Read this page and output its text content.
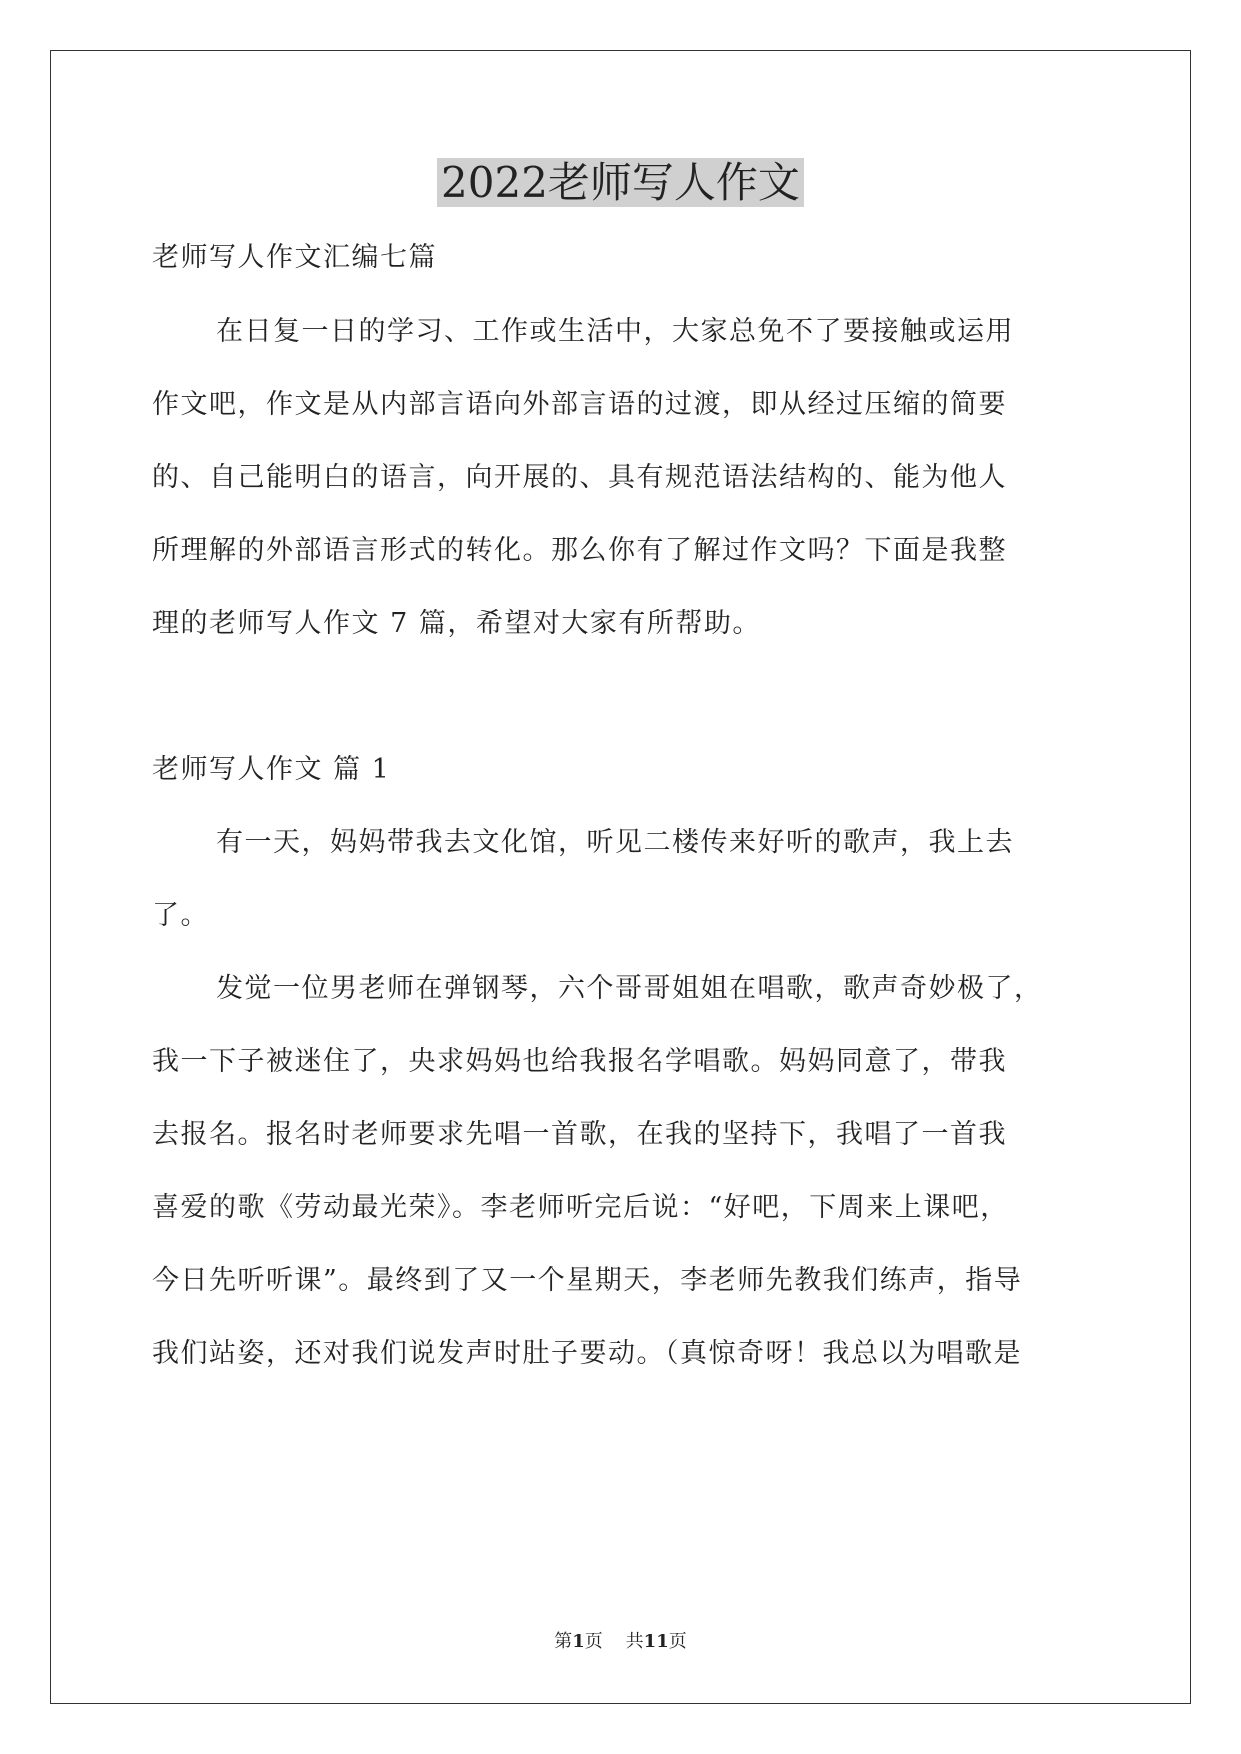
2022老师写人作文

老师写人作文汇编七篇

在日复一日的学习、工作或生活中，大家总免不了要接触或运用

作文吧，作文是从内部言语向外部言语的过渡，即从经过压缩的简要

的、自己能明白的语言，向开展的、具有规范语法结构的、能为他人

所理解的外部语言形式的转化。那么你有了解过作文吗？下面是我整

理的老师写人作文 7 篇，希望对大家有所帮助。

老师写人作文 篇 1

有一天，妈妈带我去文化馆，听见二楼传来好听的歌声，我上去

了。

发觉一位男老师在弹钢琴，六个哥哥姐姐在唱歌，歌声奇妙极了，

我一下子被迷住了，央求妈妈也给我报名学唱歌。妈妈同意了，带我

去报名。报名时老师要求先唱一首歌，在我的坚持下，我唱了一首我

喜爱的歌《劳动最光荣》。李老师听完后说：“好吧，下周来上课吧，

今日先听听课”。最终到了又一个星期天，李老师先教我们练声，指导

我们站姿，还对我们说发声时肚子要动。（真惊奇呀！我总以为唱歌是

第1页 共11页
